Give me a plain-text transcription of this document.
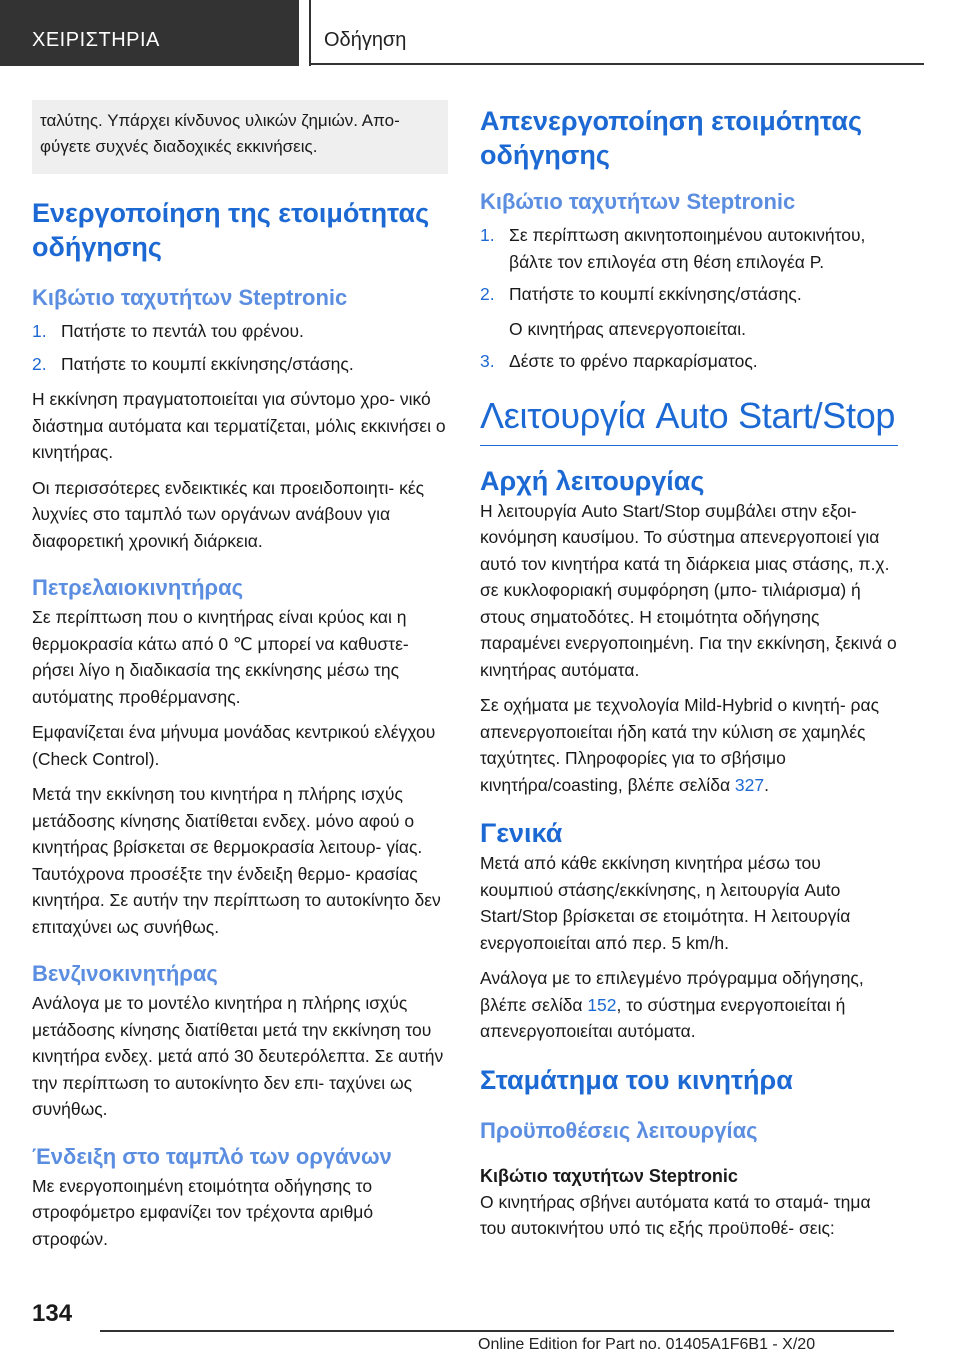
ΧΕΙΡΙΣΤΗΡΙΑ	Οδήγηση
ταλύτης. Υπάρχει κίνδυνος υλικών ζημιών. Απο‑ φύγετε συχνές διαδοχικές εκκινήσεις.
Ενεργοποίηση της ετοιμότητας οδήγησης
Κιβώτιο ταχυτήτων Steptronic
1. Πατήστε το πεντάλ του φρένου.
2. Πατήστε το κουμπί εκκίνησης/στάσης.

Η εκκίνηση πραγματοποιείται για σύντομο χρο‑ νικό διάστημα αυτόματα και τερματίζεται, μόλις εκκινήσει ο κινητήρας.

Οι περισσότερες ενδεικτικές και προειδοποιητι‑ κές λυχνίες στο ταμπλό των οργάνων ανάβουν για διαφορετική χρονική διάρκεια.

Πετρελαιοκινητήρας

Σε περίπτωση που ο κινητήρας είναι κρύος και η θερμοκρασία κάτω από 0 ℃ μπορεί να καθυστε‑ ρήσει λίγο η διαδικασία της εκκίνησης μέσω της αυτόματης προθέρμανσης.

Εμφανίζεται ένα μήνυμα μονάδας κεντρικού ελέγχου (Check Control).

Μετά την εκκίνηση του κινητήρα η πλήρης ισχύς μετάδοσης κίνησης διατίθεται ενδεχ. μόνο αφού ο κινητήρας βρίσκεται σε θερμοκρασία λειτουρ‑ γίας. Ταυτόχρονα προσέξτε την ένδειξη θερμο‑ κρασίας κινητήρα. Σε αυτήν την περίπτωση το αυτοκίνητο δεν επιταχύνει ως συνήθως.

Βενζινοκινητήρας

Ανάλογα με το μοντέλο κινητήρα η πλήρης ισχύς μετάδοσης κίνησης διατίθεται μετά την εκκίνηση του κινητήρα ενδεχ. μετά από 30 δευτερόλεπτα. Σε αυτήν την περίπτωση το αυτοκίνητο δεν επι‑ ταχύνει ως συνήθως.

Ένδειξη στο ταμπλό των οργάνων

Με ενεργοποιημένη ετοιμότητα οδήγησης το στροφόμετρο εμφανίζει τον τρέχοντα αριθμό στροφών.

Απενεργοποίηση ετοιμότητας οδήγησης
Κιβώτιο ταχυτήτων Steptronic
1. Σε περίπτωση ακινητοποιημένου αυτοκινήτου, βάλτε τον επιλογέα στη θέση επιλογέα P.
2. Πατήστε το κουμπί εκκίνησης/στάσης.
Ο κινητήρας απενεργοποιείται.
3. Δέστε το φρένο παρκαρίσματος.
Λειτουργία Auto Start/Stop
Αρχή λειτουργίας

Η λειτουργία Auto Start/Stop συμβάλει στην εξοι‑ κονόμηση καυσίμου. Το σύστημα απενεργοποιεί για αυτό τον κινητήρα κατά τη διάρκεια μιας στάσης, π.χ. σε κυκλοφοριακή συμφόρηση (μπο‑ τιλιάρισμα) ή στους σηματοδότες. Η ετοιμότητα οδήγησης παραμένει ενεργοποιημένη. Για την εκκίνηση, ξεκινά ο κινητήρας αυτόματα.

Σε οχήματα με τεχνολογία Mild-Hybrid ο κινητή‑ ρας απενεργοποιείται ήδη κατά την κύλιση σε χαμηλές ταχύτητες. Πληροφορίες για το σβήσιμο κινητήρα/coasting, βλέπε σελίδα 327.

Γενικά

Μετά από κάθε εκκίνηση κινητήρα μέσω του κουμπιού στάσης/εκκίνησης, η λειτουργία Auto Start/Stop βρίσκεται σε ετοιμότητα. Η λειτουργία ενεργοποιείται από περ. 5 km/h.

Ανάλογα με το επιλεγμένο πρόγραμμα οδήγησης, βλέπε σελίδα 152, το σύστημα ενεργοποιείται ή απενεργοποιείται αυτόματα.

Σταμάτημα του κινητήρα
Προϋποθέσεις λειτουργίας
Κιβώτιο ταχυτήτων Steptronic

Ο κινητήρας σβήνει αυτόματα κατά το σταμά‑ τημα του αυτοκινήτου υπό τις εξής προϋποθέ‑ σεις:

134
Online Edition for Part no. 01405A1F6B1 - X/20
